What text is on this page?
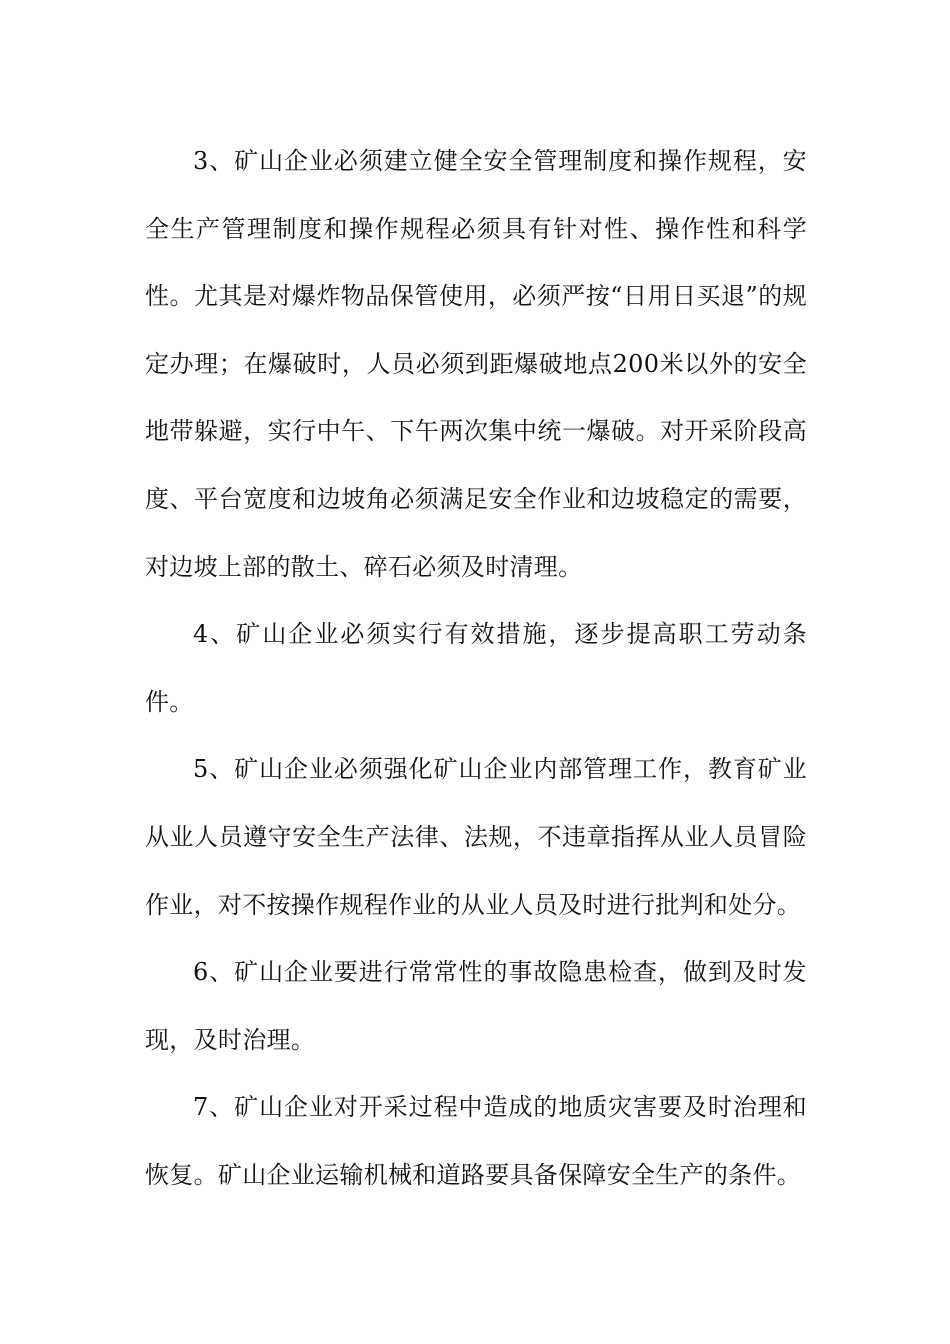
3、矿山企业必须建立健全安全管理制度和操作规程，安全生产管理制度和操作规程必须具有针对性、操作性和科学性。尤其是对爆炸物品保管使用，必须严按“日用日买退”的规定办理；在爆破时，人员必须到距爆破地点200米以外的安全地带躲避，实行中午、下午两次集中统一爆破。对开采阶段高度、平台宽度和边坡角必须满足安全作业和边坡稳定的需要，对边坡上部的散土、碎石必须及时清理。

4、矿山企业必须实行有效措施，逐步提高职工劳动条件。

5、矿山企业必须强化矿山企业内部管理工作，教育矿业从业人员遵守安全生产法律、法规，不违章指挥从业人员冒险作业，对不按操作规程作业的从业人员及时进行批判和处分。

6、矿山企业要进行常常性的事故隐患检查，做到及时发现，及时治理。

7、矿山企业对开采过程中造成的地质灾害要及时治理和恢复。矿山企业运输机械和道路要具备保障安全生产的条件。
